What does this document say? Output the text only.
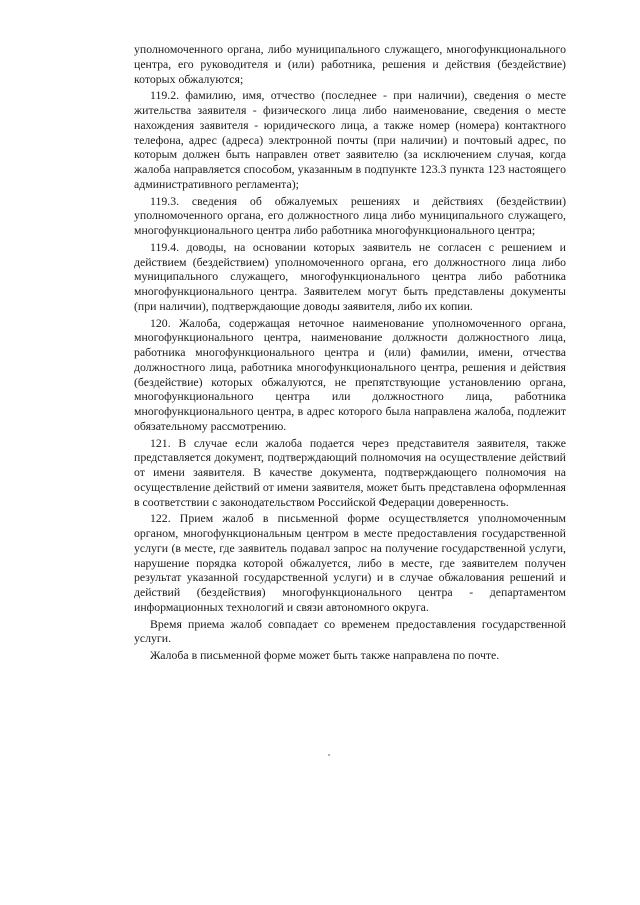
уполномоченного органа, либо муниципального служащего, многофункционального центра, его руководителя и (или) работника, решения и действия (бездействие) которых обжалуются;

119.2. фамилию, имя, отчество (последнее - при наличии), сведения о месте жительства заявителя - физического лица либо наименование, сведения о месте нахождения заявителя - юридического лица, а также номер (номера) контактного телефона, адрес (адреса) электронной почты (при наличии) и почтовый адрес, по которым должен быть направлен ответ заявителю (за исключением случая, когда жалоба направляется способом, указанным в подпункте 123.3 пункта 123 настоящего административного регламента);

119.3. сведения об обжалуемых решениях и действиях (бездействии) уполномоченного органа, его должностного лица либо муниципального служащего, многофункционального центра либо работника многофункционального центра;

119.4. доводы, на основании которых заявитель не согласен с решением и действием (бездействием) уполномоченного органа, его должностного лица либо муниципального служащего, многофункционального центра либо работника многофункционального центра. Заявителем могут быть представлены документы (при наличии), подтверждающие доводы заявителя, либо их копии.

120. Жалоба, содержащая неточное наименование уполномоченного органа, многофункционального центра, наименование должности должностного лица, работника многофункционального центра и (или) фамилии, имени, отчества должностного лица, работника многофункционального центра, решения и действия (бездействие) которых обжалуются, не препятствующие установлению органа, многофункционального центра или должностного лица, работника многофункционального центра, в адрес которого была направлена жалоба, подлежит обязательному рассмотрению.

121. В случае если жалоба подается через представителя заявителя, также представляется документ, подтверждающий полномочия на осуществление действий от имени заявителя. В качестве документа, подтверждающего полномочия на осуществление действий от имени заявителя, может быть представлена оформленная в соответствии с законодательством Российской Федерации доверенность.

122. Прием жалоб в письменной форме осуществляется уполномоченным органом, многофункциональным центром в месте предоставления государственной услуги (в месте, где заявитель подавал запрос на получение государственной услуги, нарушение порядка которой обжалуется, либо в месте, где заявителем получен результат указанной государственной услуги) и в случае обжалования решений и действий (бездействия) многофункционального центра - департаментом информационных технологий и связи автономного округа.

Время приема жалоб совпадает со временем предоставления государственной услуги.

Жалоба в письменной форме может быть также направлена по почте.
